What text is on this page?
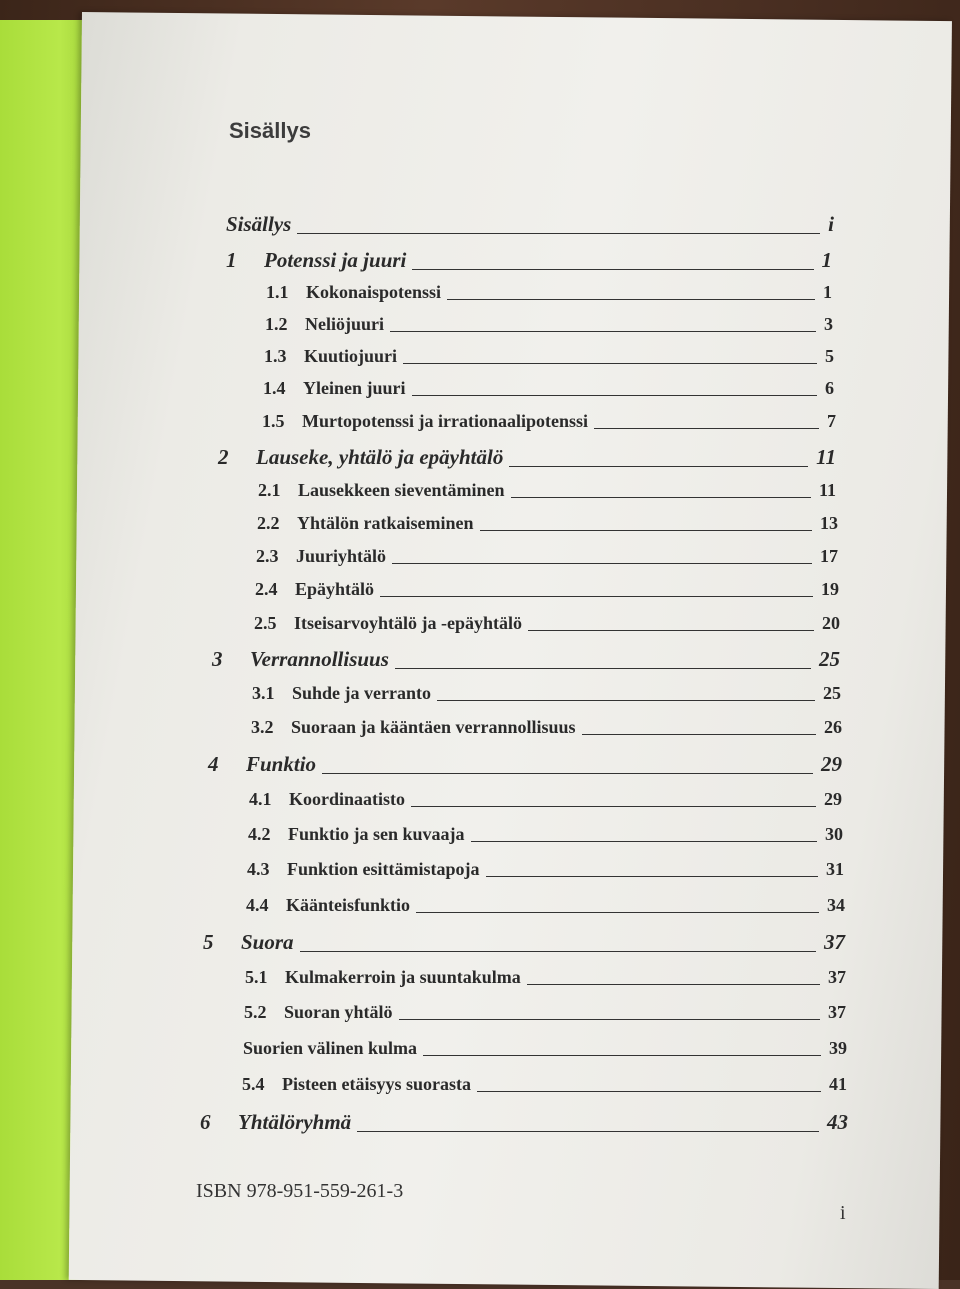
Sisällys
Sisällys	i
1	Potenssi ja juuri	1
1.1 Kokonaispotenssi	1
1.2 Neliöjuuri	3
1.3 Kuutiojuuri	5
1.4 Yleinen juuri	6
1.5 Murtopotenssi ja irrationaalipotenssi	7
2	Lauseke, yhtälö ja epäyhtälö	11
2.1 Lausekkeen sieventäminen	11
2.2 Yhtälön ratkaiseminen	13
2.3 Juuriyhtälö	17
2.4 Epäyhtälö	19
2.5 Itseisarvoyhtälö ja -epäyhtälö	20
3	Verrannollisuus	25
3.1 Suhde ja verranto	25
3.2 Suoraan ja kääntäen verrannollisuus	26
4	Funktio	29
4.1 Koordinaatisto	29
4.2 Funktio ja sen kuvaaja	30
4.3 Funktion esittämistapoja	31
4.4 Käänteisfunktio	34
5	Suora	37
5.1 Kulmakerroin ja suuntakulma	37
5.2 Suoran yhtälö	37
Suorien välinen kulma	39
5.4 Pisteen etäisyys suorasta	41
6	Yhtälöryhmä	43
ISBN 978-951-559-261-3
i
